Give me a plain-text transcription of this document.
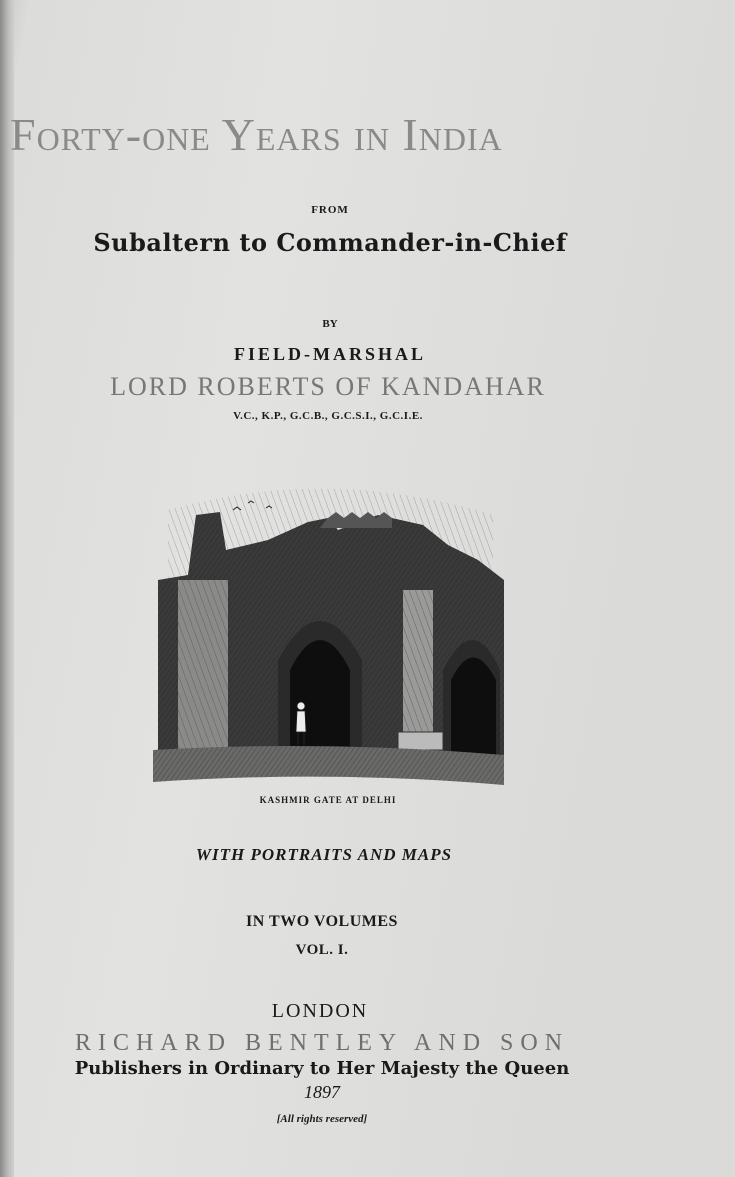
Forty-one Years in India
FROM
Subaltern to Commander-in-Chief
BY
FIELD-MARSHAL
LORD ROBERTS OF KANDAHAR
V.C., K.P., G.C.B., G.C.S.I., G.C.I.E.
KASHMIR GATE AT DELHI
WITH PORTRAITS AND MAPS
IN TWO VOLUMES
VOL. I.
LONDON
RICHARD BENTLEY AND SON
Publishers in Ordinary to Her Majesty the Queen
1897
[All rights reserved]
